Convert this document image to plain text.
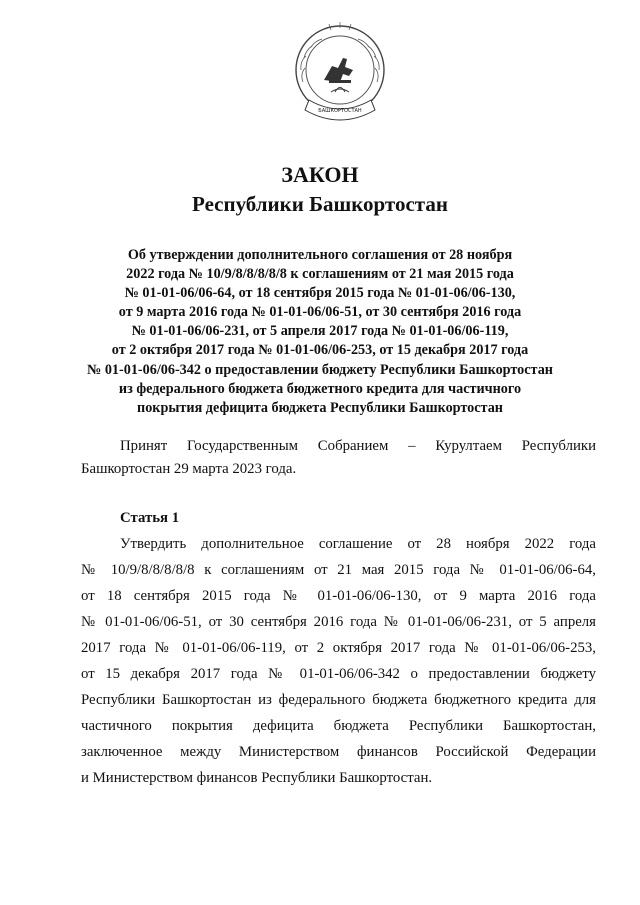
БАШКОРТОСТАН
ЗАКОН
Республики Башкортостан
Об утверждении дополнительного соглашения от 28 ноября
2022 года № 10/9/8/8/8/8/8 к соглашениям от 21 мая 2015 года
№ 01-01-06/06-64, от 18 сентября 2015 года № 01-01-06/06-130,
от 9 марта 2016 года № 01-01-06/06-51, от 30 сентября 2016 года
№ 01-01-06/06-231, от 5 апреля 2017 года № 01-01-06/06-119,
от 2 октября 2017 года № 01-01-06/06-253, от 15 декабря 2017 года
№ 01-01-06/06-342 о предоставлении бюджету Республики Башкортостан
из федерального бюджета бюджетного кредита для частичного
покрытия дефицита бюджета Республики Башкортостан
Принят Государственным Собранием – Курултаем Республики
Башкортостан 29 марта 2023 года.
Статья 1
Утвердить дополнительное соглашение от 28 ноября 2022 года
№ 10/9/8/8/8/8/8 к соглашениям от 21 мая 2015 года № 01-01-06/06-64,
от 18 сентября 2015 года № 01-01-06/06-130, от 9 марта 2016 года
№ 01-01-06/06-51, от 30 сентября 2016 года № 01-01-06/06-231, от 5 апреля
2017 года № 01-01-06/06-119, от 2 октября 2017 года № 01-01-06/06-253,
от 15 декабря 2017 года № 01-01-06/06-342 о предоставлении бюджету
Республики Башкортостан из федерального бюджета бюджетного кредита для
частичного покрытия дефицита бюджета Республики Башкортостан,
заключенное между Министерством финансов Российской Федерации
и Министерством финансов Республики Башкортостан.
